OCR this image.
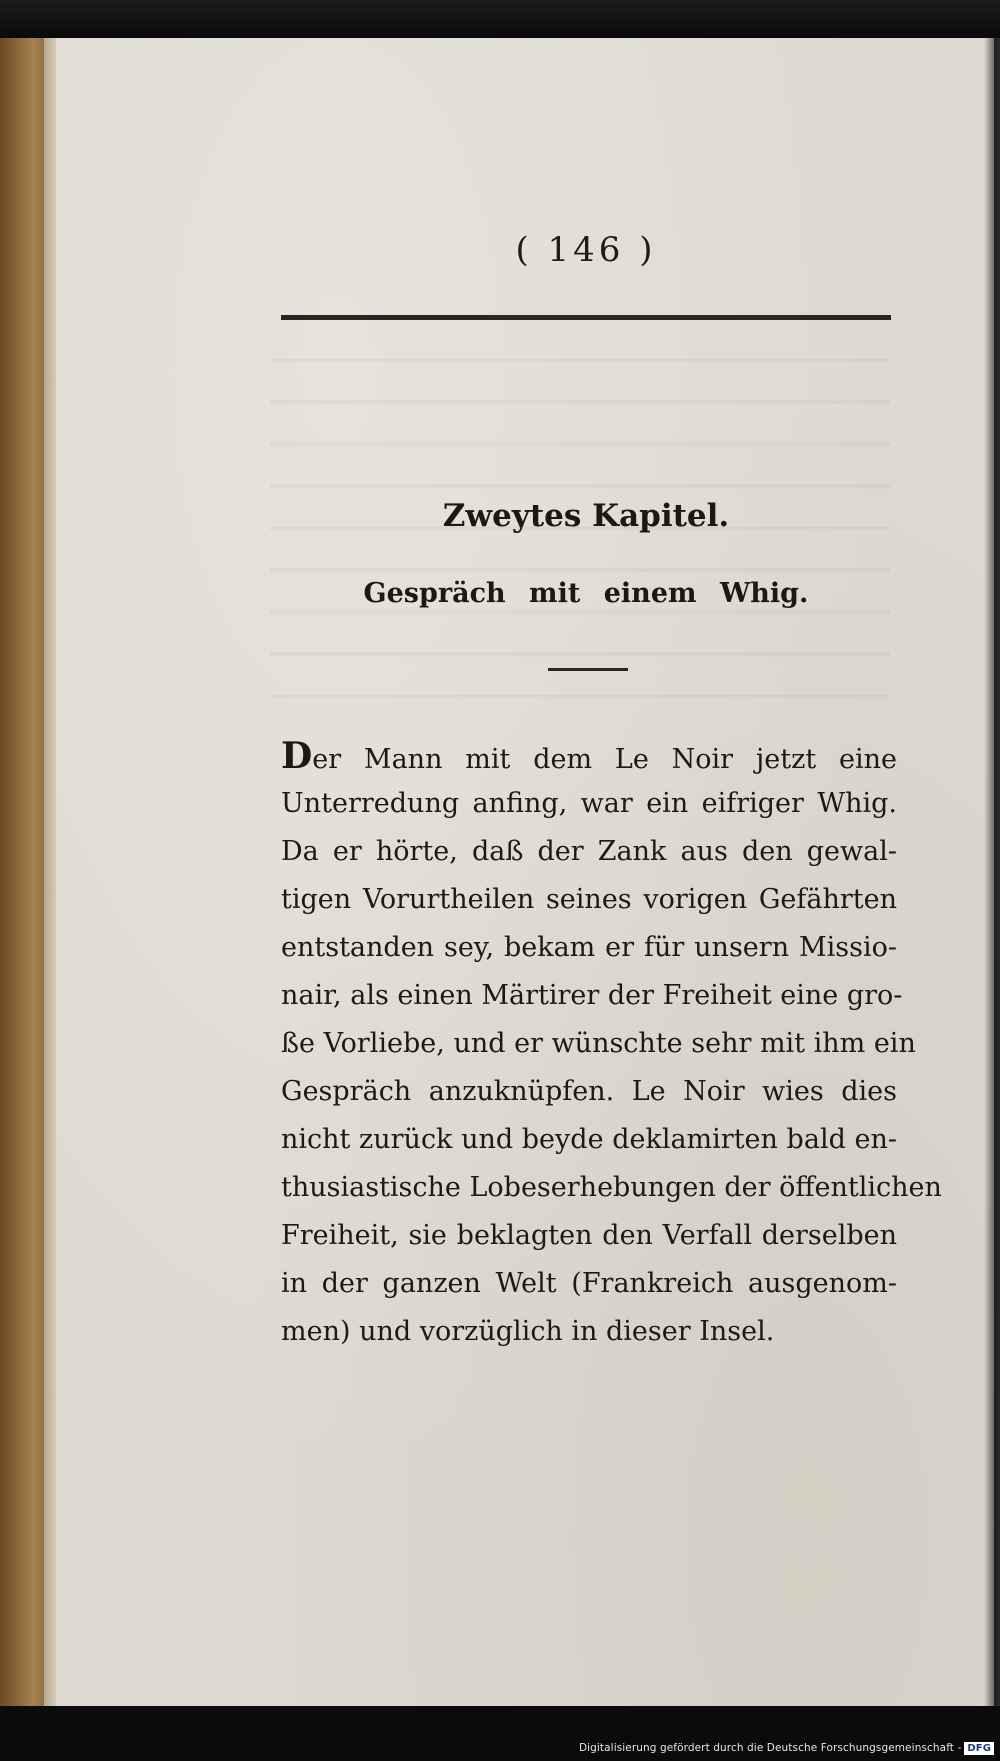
( 146 )
Zweytes Kapitel.
Gespräch mit einem Whig.
Der Mann mit dem Le Noir jetzt eine
Unterredung anfing, war ein eifriger Whig.
Da er hörte, daß der Zank aus den gewal-
tigen Vorurtheilen seines vorigen Gefährten
entstanden sey, bekam er für unsern Missio-
nair, als einen Märtirer der Freiheit eine gro-
ße Vorliebe, und er wünschte sehr mit ihm ein
Gespräch anzuknüpfen. Le Noir wies dies
nicht zurück und beyde deklamirten bald en-
thusiastische Lobeserhebungen der öffentlichen
Freiheit, sie beklagten den Verfall derselben
in der ganzen Welt (Frankreich ausgenom-
men) und vorzüglich in dieser Insel.
Digitalisierung gefördert durch die Deutsche Forschungsgemeinschaft - DFG
